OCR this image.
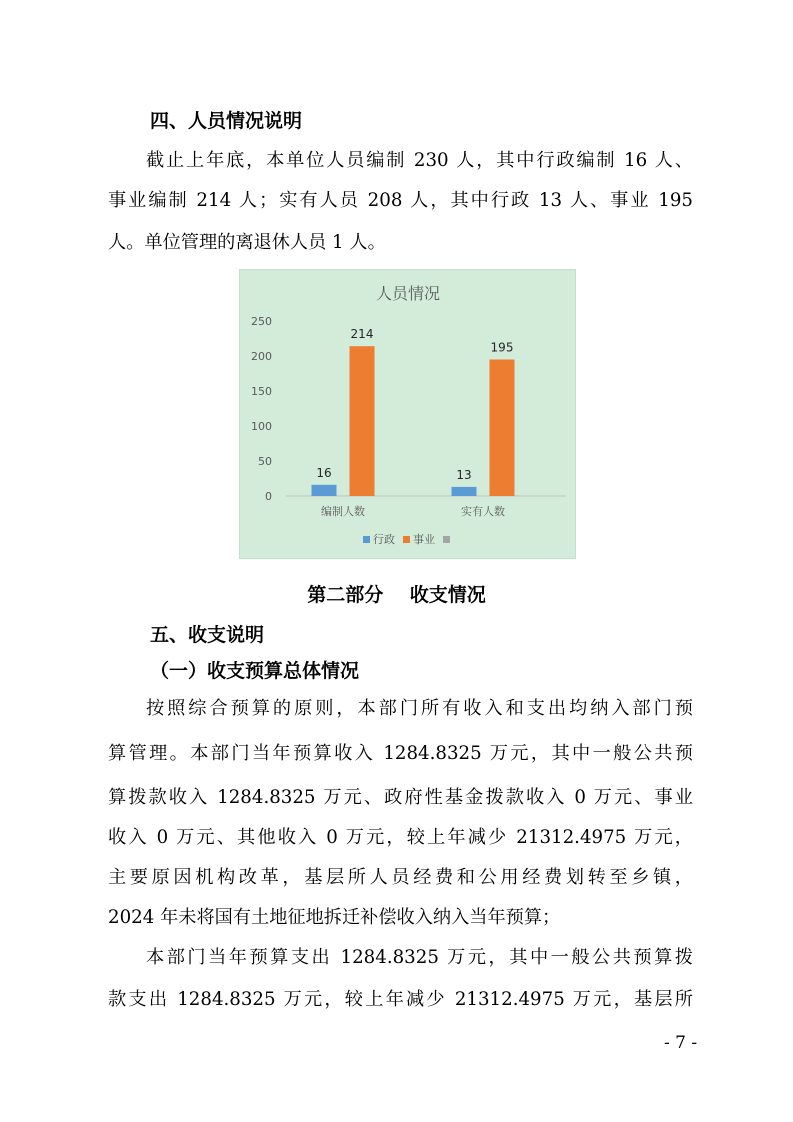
四、人员情况说明
截止上年底，本单位人员编制 230 人，其中行政编制 16 人、
事业编制 214 人；实有人员 208 人，其中行政 13 人、事业 195
人。单位管理的离退休人员 1 人。
人员情况
0
50
100
150
200
250
16
214
编制人数
13
195
实有人数
行政 事业
第二部分    收支情况
五、收支说明
（一）收支预算总体情况
按照综合预算的原则，本部门所有收入和支出均纳入部门预
算管理。本部门当年预算收入 1284.8325 万元，其中一般公共预
算拨款收入 1284.8325 万元、政府性基金拨款收入 0 万元、事业
收入 0 万元、其他收入 0 万元，较上年减少 21312.4975 万元，
主要原因机构改革，基层所人员经费和公用经费划转至乡镇，
2024 年未将国有土地征地拆迁补偿收入纳入当年预算；
本部门当年预算支出 1284.8325 万元，其中一般公共预算拨
款支出 1284.8325 万元，较上年减少 21312.4975 万元，基层所
- 7 -
